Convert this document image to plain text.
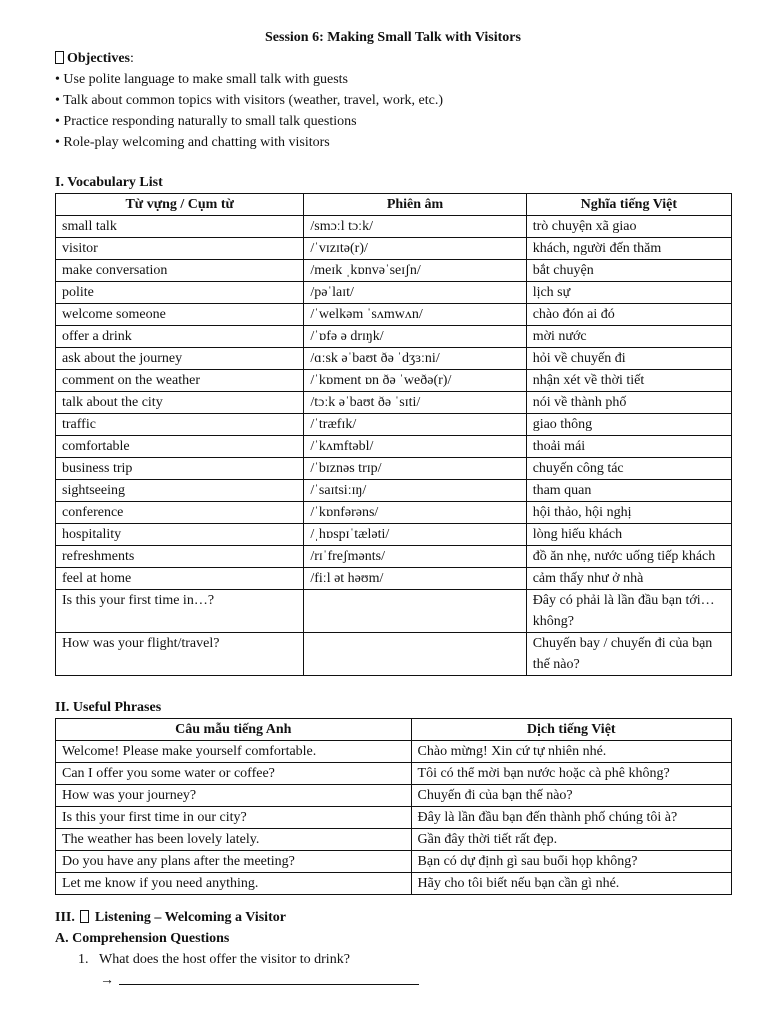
Session 6: Making Small Talk with Visitors
Objectives:
• Use polite language to make small talk with guests
• Talk about common topics with visitors (weather, travel, work, etc.)
• Practice responding naturally to small talk questions
• Role-play welcoming and chatting with visitors
I. Vocabulary List
Từ vựng / Cụm từ	Phiên âm	Nghĩa tiếng Việt
small talk	/smɔːl tɔːk/	trò chuyện xã giao
visitor	/ˈvɪzɪtə(r)/	khách, người đến thăm
make conversation	/meɪk ˌkɒnvəˈseɪʃn/	bắt chuyện
polite	/pəˈlaɪt/	lịch sự
welcome someone	/ˈwelkəm ˈsʌmwʌn/	chào đón ai đó
offer a drink	/ˈɒfə ə drɪŋk/	mời nước
ask about the journey	/ɑːsk əˈbaʊt ðə ˈdʒɜːni/	hỏi về chuyến đi
comment on the weather	/ˈkɒment ɒn ðə ˈweðə(r)/	nhận xét về thời tiết
talk about the city	/tɔːk əˈbaʊt ðə ˈsɪti/	nói về thành phố
traffic	/ˈtræfɪk/	giao thông
comfortable	/ˈkʌmftəbl/	thoải mái
business trip	/ˈbɪznəs trɪp/	chuyến công tác
sightseeing	/ˈsaɪtsiːɪŋ/	tham quan
conference	/ˈkɒnfərəns/	hội thảo, hội nghị
hospitality	/ˌhɒspɪˈtæləti/	lòng hiếu khách
refreshments	/rɪˈfreʃmənts/	đồ ăn nhẹ, nước uống tiếp khách
feel at home	/fiːl ət həʊm/	cảm thấy như ở nhà
Is this your first time in…?		Đây có phải là lần đầu bạn tới… không?
How was your flight/travel?		Chuyến bay / chuyến đi của bạn thế nào?
II. Useful Phrases
Câu mẫu tiếng Anh	Dịch tiếng Việt
Welcome! Please make yourself comfortable.	Chào mừng! Xin cứ tự nhiên nhé.
Can I offer you some water or coffee?	Tôi có thể mời bạn nước hoặc cà phê không?
How was your journey?	Chuyến đi của bạn thế nào?
Is this your first time in our city?	Đây là lần đầu bạn đến thành phố chúng tôi à?
The weather has been lovely lately.	Gần đây thời tiết rất đẹp.
Do you have any plans after the meeting?	Bạn có dự định gì sau buổi họp không?
Let me know if you need anything.	Hãy cho tôi biết nếu bạn cần gì nhé.
III. Listening – Welcoming a Visitor
A. Comprehension Questions
1. What does the host offer the visitor to drink?
→
